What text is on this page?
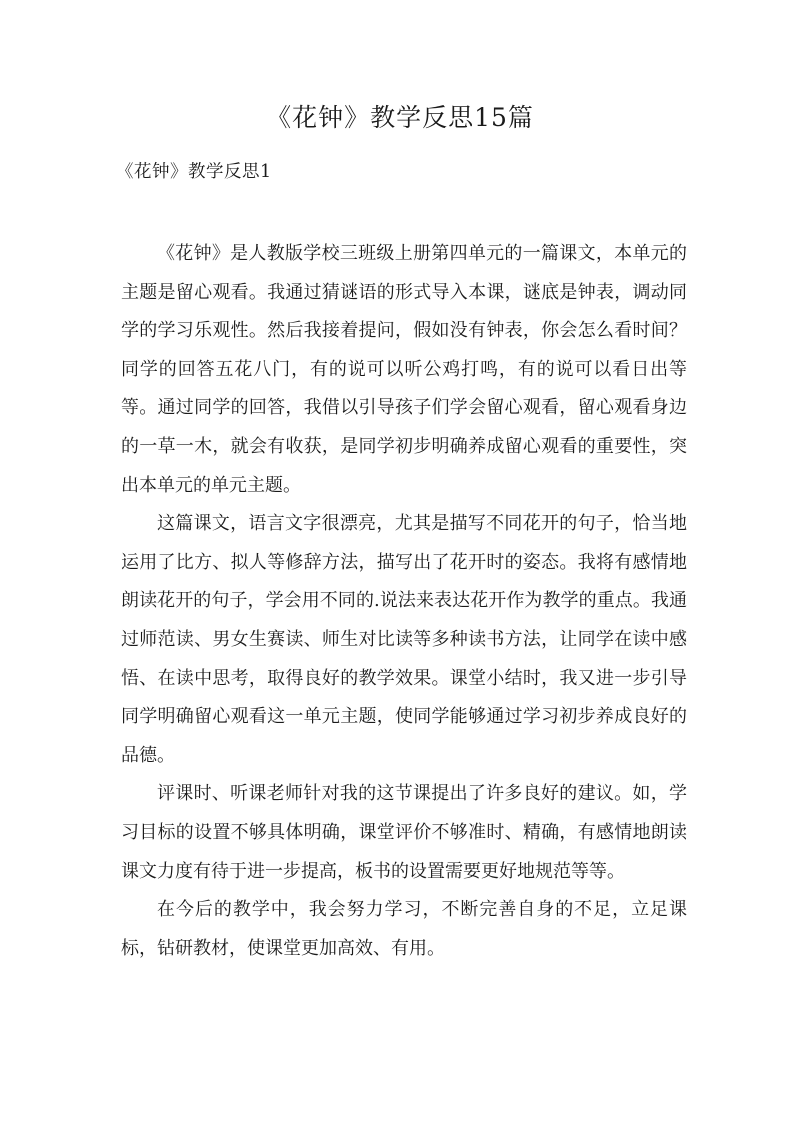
《花钟》教学反思15篇
《花钟》教学反思1

《花钟》是人教版学校三班级上册第四单元的一篇课文，本单元的主题是留心观看。我通过猜谜语的形式导入本课，谜底是钟表，调动同学的学习乐观性。然后我接着提问，假如没有钟表，你会怎么看时间？同学的回答五花八门，有的说可以听公鸡打鸣，有的说可以看日出等等。通过同学的回答，我借以引导孩子们学会留心观看，留心观看身边的一草一木，就会有收获，是同学初步明确养成留心观看的重要性，突出本单元的单元主题。

这篇课文，语言文字很漂亮，尤其是描写不同花开的句子，恰当地运用了比方、拟人等修辞方法，描写出了花开时的姿态。我将有感情地朗读花开的句子，学会用不同的.说法来表达花开作为教学的重点。我通过师范读、男女生赛读、师生对比读等多种读书方法，让同学在读中感悟、在读中思考，取得良好的教学效果。课堂小结时，我又进一步引导同学明确留心观看这一单元主题，使同学能够通过学习初步养成良好的品德。

评课时、听课老师针对我的这节课提出了许多良好的建议。如，学习目标的设置不够具体明确，课堂评价不够准时、精确，有感情地朗读课文力度有待于进一步提高，板书的设置需要更好地规范等等。

在今后的教学中，我会努力学习，不断完善自身的不足，立足课标，钻研教材，使课堂更加高效、有用。
